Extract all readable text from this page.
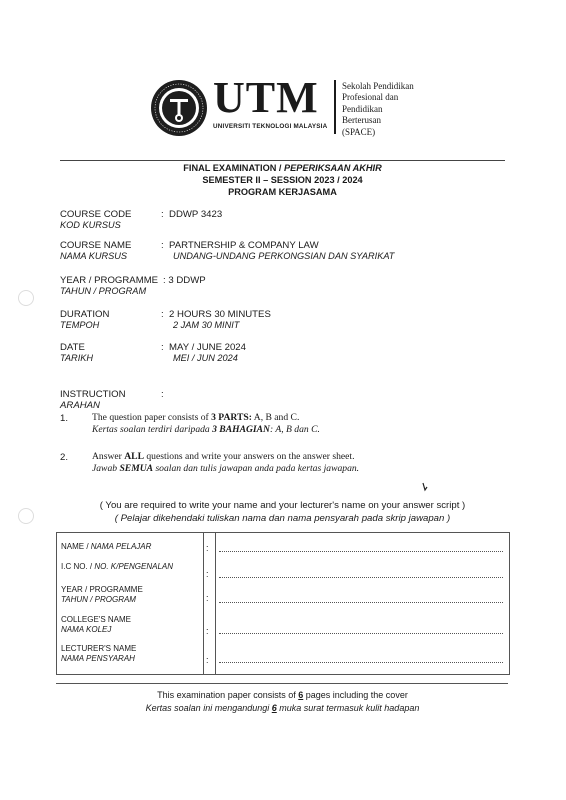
UTM
UNIVERSITI TEKNOLOGI MALAYSIA
Sekolah Pendidikan
Profesional dan
Pendidikan
Berterusan
(SPACE)
FINAL EXAMINATION / PEPERIKSAAN AKHIR
SEMESTER II – SESSION 2023 / 2024
PROGRAM KERJASAMA
COURSE CODE
KOD KURSUS
: DDWP 3423
COURSE NAME
NAMA KURSUS
: PARTNERSHIP & COMPANY LAW
UNDANG-UNDANG PERKONGSIAN DAN SYARIKAT
YEAR / PROGRAMME
TAHUN / PROGRAM
: 3 DDWP
DURATION
TEMPOH
: 2 HOURS 30 MINUTES
2 JAM 30 MINIT
DATE
TARIKH
: MAY / JUNE 2024
MEI / JUN 2024
INSTRUCTION
ARAHAN
:
1. The question paper consists of 3 PARTS: A, B and C.
Kertas soalan terdiri daripada 3 BAHAGIAN: A, B dan C.
2. Answer ALL questions and write your answers on the answer sheet.
Jawab SEMUA soalan dan tulis jawapan anda pada kertas jawapan.
( You are required to write your name and your lecturer's name on your answer script )
( Pelajar dikehendaki tuliskan nama dan nama pensyarah pada skrip jawapan )
NAME / NAMA PELAJAR	:
I.C NO. / NO. K/PENGENALAN
:
YEAR / PROGRAMME
TAHUN / PROGRAM	:
COLLEGE'S NAME
NAMA KOLEJ	:
LECTURER'S NAME
NAMA PENSYARAH	:
This examination paper consists of 6 pages including the cover
Kertas soalan ini mengandungi 6 muka surat termasuk kulit hadapan
